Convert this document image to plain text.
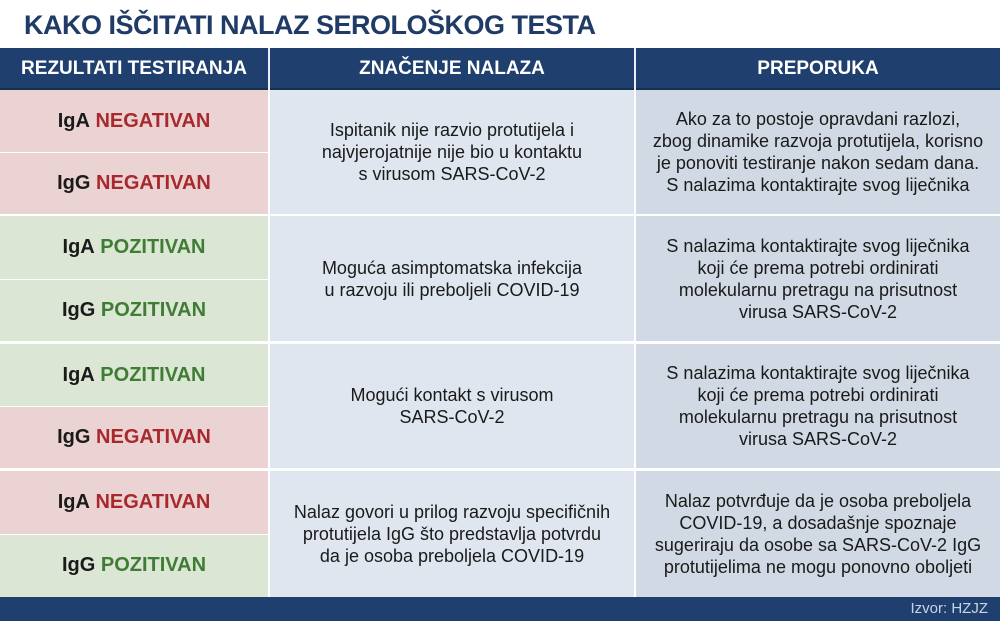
KAKO IŠČITATI NALAZ SEROLOŠKOG TESTA
REZULTATI TESTIRANJA	ZNAČENJE NALAZA	PREPORUKA
IgA
NEGATIVAN
IgG
NEGATIVAN
Ispitanik nije razvio protutijela i
najvjerojatnije nije bio u kontaktu
s virusom SARS-CoV-2
Ako za to postoje opravdani razlozi,
zbog dinamike razvoja protutijela, korisno
je ponoviti testiranje nakon sedam dana.
S nalazima kontaktirajte svog liječnika
IgA
POZITIVAN
IgG
POZITIVAN
Moguća asimptomatska infekcija
u razvoju ili preboljeli COVID-19
S nalazima kontaktirajte svog liječnika
koji će prema potrebi ordinirati
molekularnu pretragu na prisutnost
virusa SARS-CoV-2
IgA
POZITIVAN
IgG
NEGATIVAN
Mogući kontakt s virusom
SARS-CoV-2
S nalazima kontaktirajte svog liječnika
koji će prema potrebi ordinirati
molekularnu pretragu na prisutnost
virusa SARS-CoV-2
IgA
NEGATIVAN
IgG
POZITIVAN
Nalaz govori u prilog razvoju specifičnih
protutijela IgG što predstavlja potvrdu
da je osoba preboljela COVID-19
Nalaz potvrđuje da je osoba preboljela
COVID-19, a dosadašnje spoznaje
sugeriraju da osobe sa SARS-CoV-2 IgG
protutijelima ne mogu ponovno oboljeti
Izvor: HZJZ
